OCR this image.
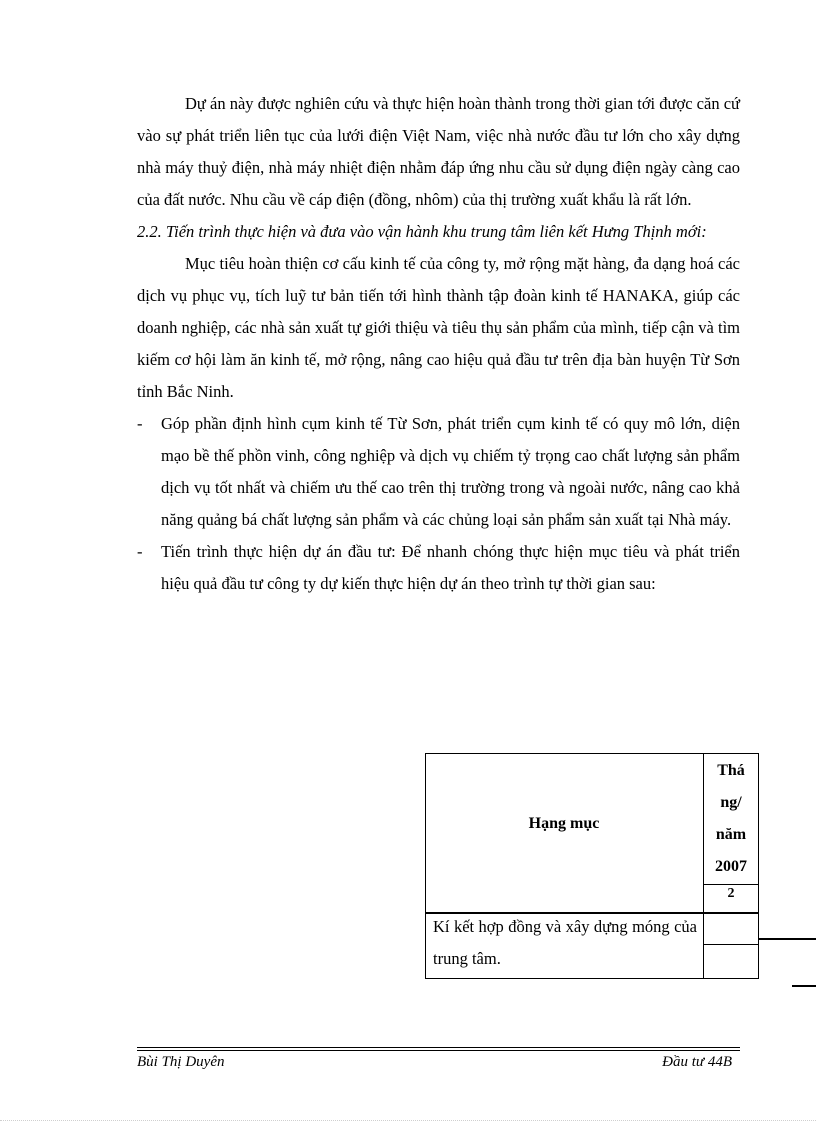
Dự án này được nghiên cứu và thực hiện hoàn thành trong thời gian tới được căn cứ vào sự phát triển liên tục của lưới điện Việt Nam, việc nhà nước đầu tư lớn cho xây dựng nhà máy thuỷ điện, nhà máy nhiệt điện nhằm đáp ứng nhu cầu sử dụng điện ngày càng cao của đất nước. Nhu cầu về cáp điện (đồng, nhôm) của thị trường xuất khẩu là rất lớn.

2.2. Tiến trình thực hiện và đưa vào vận hành khu trung tâm liên kết Hưng Thịnh mới:

Mục tiêu hoàn thiện cơ cấu kinh tế của công ty, mở rộng mặt hàng, đa dạng hoá các dịch vụ phục vụ, tích luỹ tư bản tiến tới hình thành tập đoàn kinh tế HANAKA, giúp các doanh nghiệp, các nhà sản xuất tự giới thiệu và tiêu thụ sản phẩm của mình, tiếp cận và tìm kiếm cơ hội làm ăn kinh tế, mở rộng, nâng cao hiệu quả đầu tư trên địa bàn huyện Từ Sơn tỉnh Bắc Ninh.

- Góp phần định hình cụm kinh tế Từ Sơn, phát triển cụm kinh tế có quy mô lớn, diện mạo bề thế phồn vinh, công nghiệp và dịch vụ chiếm tỷ trọng cao chất lượng sản phẩm dịch vụ tốt nhất và chiếm ưu thế cao trên thị trường trong và ngoài nước, nâng cao khả năng quảng bá chất lượng sản phẩm và các chủng loại sản phẩm sản xuất tại Nhà máy.

- Tiến trình thực hiện dự án đầu tư: Để nhanh chóng thực hiện mục tiêu và phát triển hiệu quả đầu tư công ty dự kiến thực hiện dự án theo trình tự thời gian sau:

Hạng mục
Thá
ng/
năm
2007
2
Kí kết hợp đồng và xây dựng móng của trung tâm.
Bùi Thị Duyên	Đầu tư 44B
